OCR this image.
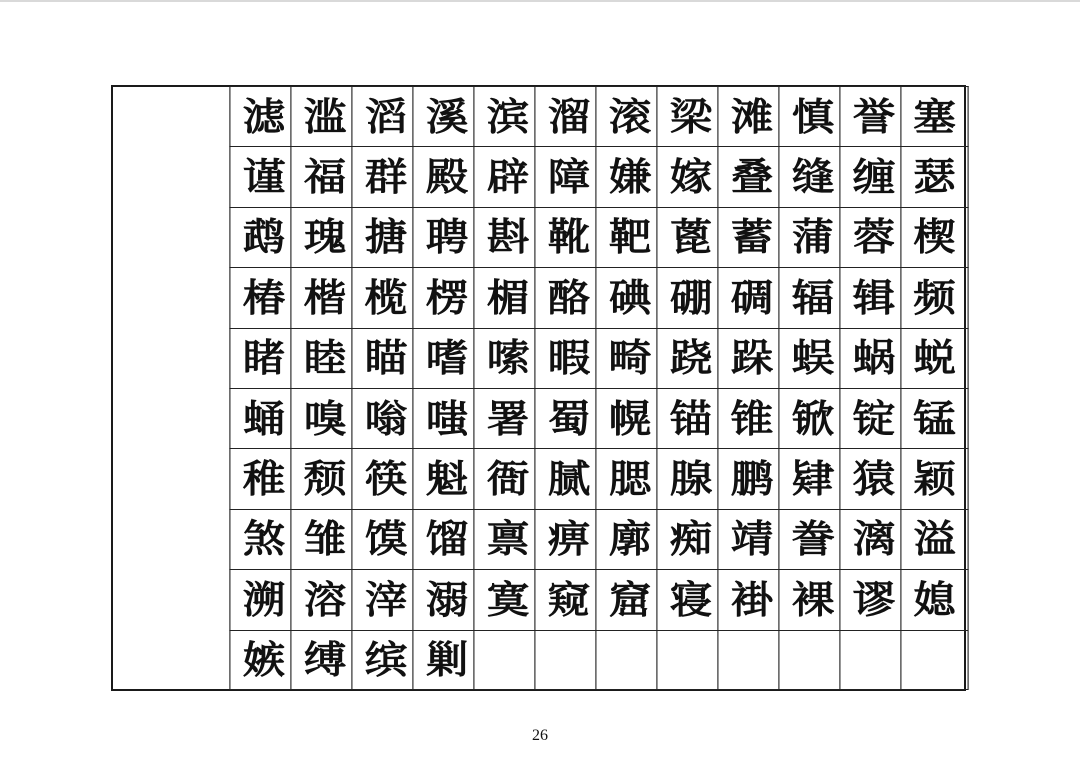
滤 滥 滔 溪 滨 溜 滚 梁 滩 慎 誉 塞
谨 福 群 殿 辟 障 嫌 嫁 叠 缝 缠 瑟
鹉 瑰 搪 聘 斟 靴 靶 蓖 蓄 蒲 蓉 楔
椿 楷 榄 楞 楣 酪 碘 硼 碉 辐 辑 频
睹 睦 瞄 嗜 嗦 暇 畸 跷 跺 蜈 蜗 蜕
蛹 嗅 嗡 嗤 署 蜀 幌 锚 锥 锨 锭 锰
稚 颓 筷 魁 衙 腻 腮 腺 鹏 肄 猿 颖
煞 雏 馍 馏 禀 痹 廓 痴 靖 誊 漓 溢
溯 溶 滓 溺 寞 窥 窟 寝 褂 裸 谬 媳
嫉 缚 缤 剿
26
